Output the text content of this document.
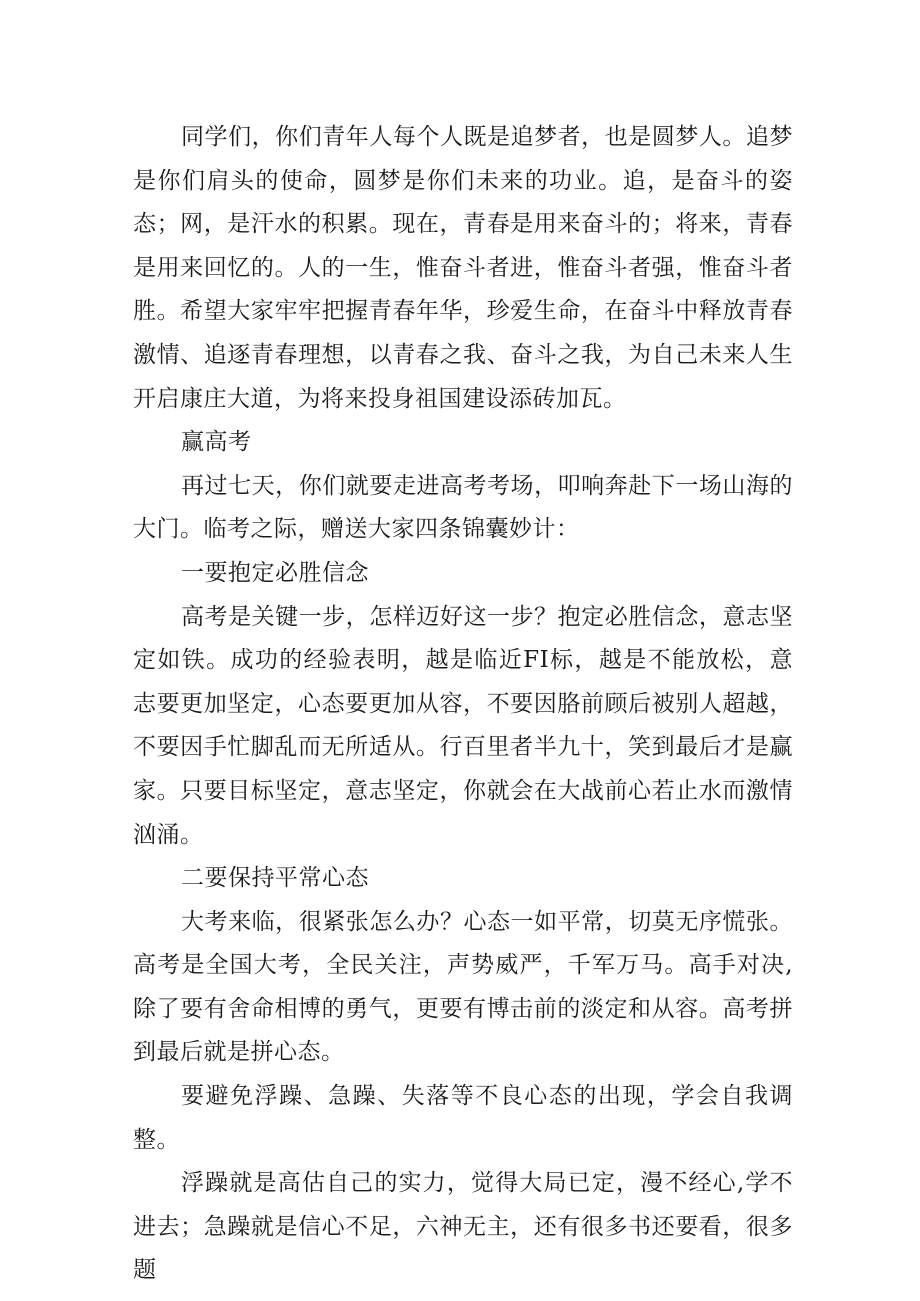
同学们，你们青年人每个人既是追梦者，也是圆梦人。追梦是你们肩头的使命，圆梦是你们未来的功业。追，是奋斗的姿态；网，是汗水的积累。现在，青春是用来奋斗的；将来，青春是用来回忆的。人的一生，惟奋斗者进，惟奋斗者强，惟奋斗者胜。希望大家牢牢把握青春年华，珍爱生命，在奋斗中释放青春激情、追逐青春理想，以青春之我、奋斗之我，为自己未来人生开启康庄大道，为将来投身祖国建设添砖加瓦。

赢高考

再过七天，你们就要走进高考考场，叩响奔赴下一场山海的大门。临考之际，赠送大家四条锦囊妙计：

一要抱定必胜信念

高考是关键一步，怎样迈好这一步？抱定必胜信念，意志坚定如铁。成功的经验表明，越是临近FI标，越是不能放松，意志要更加坚定，心态要更加从容，不要因胳前顾后被别人超越，不要因手忙脚乱而无所适从。行百里者半九十，笑到最后才是赢家。只要目标坚定，意志坚定，你就会在大战前心若止水而激情汹涌。

二要保持平常心态

大考来临，很紧张怎么办？心态一如平常，切莫无序慌张。高考是全国大考，全民关注，声势威严，千军万马。高手对决,除了要有舍命相博的勇气，更要有博击前的淡定和从容。高考拼到最后就是拼心态。

要避免浮躁、急躁、失落等不良心态的出现，学会自我调整。

浮躁就是高估自己的实力，觉得大局已定，漫不经心,学不进去；急躁就是信心不足，六神无主，还有很多书还要看，很多题
